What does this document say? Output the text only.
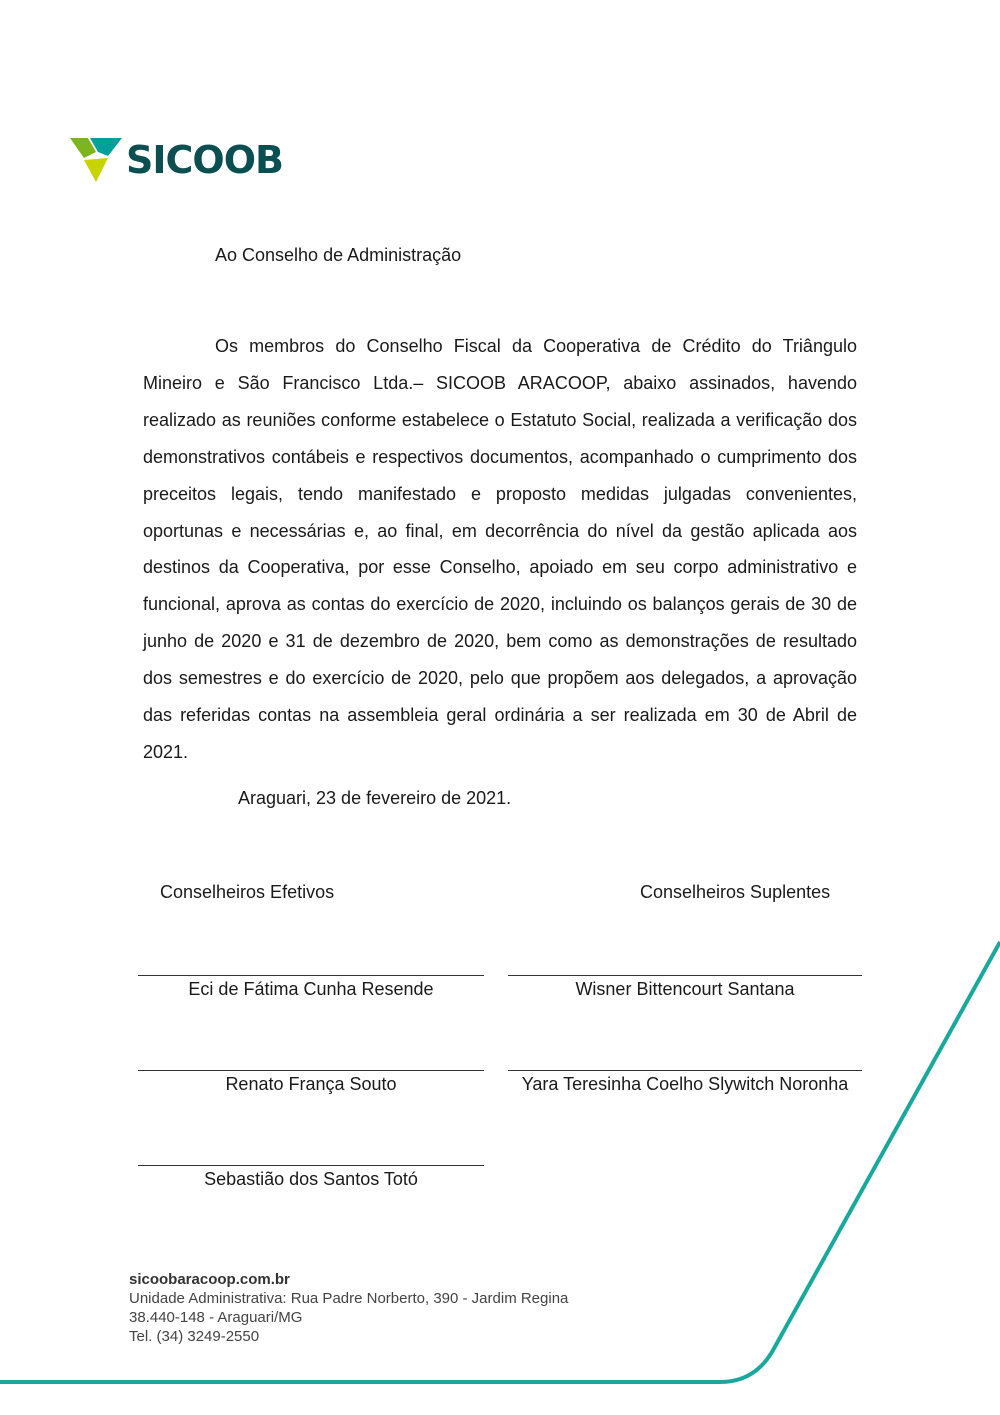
SICOOB
Ao Conselho de Administração

Os membros do Conselho Fiscal da Cooperativa de Crédito do Triângulo Mineiro e São Francisco Ltda.– SICOOB ARACOOP, abaixo assinados, havendo realizado as reuniões conforme estabelece o Estatuto Social, realizada a verificação dos demonstrativos contábeis e respectivos documentos, acompanhado o cumprimento dos preceitos legais, tendo manifestado e proposto medidas julgadas convenientes, oportunas e necessárias e, ao final, em decorrência do nível da gestão aplicada aos destinos da Cooperativa, por esse Conselho, apoiado em seu corpo administrativo e funcional, aprova as contas do exercício de 2020, incluindo os balanços gerais de 30 de junho de 2020 e 31 de dezembro de 2020, bem como as demonstrações de resultado dos semestres e do exercício de 2020, pelo que propõem aos delegados, a aprovação das referidas contas na assembleia geral ordinária a ser realizada em 30 de Abril de 2021.

Araguari, 23 de fevereiro de 2021.
Conselheiros Efetivos	Conselheiros Suplentes
Eci de Fátima Cunha Resende
Renato França Souto
Sebastião dos Santos Totó
Wisner Bittencourt Santana
Yara Teresinha Coelho Slywitch Noronha
sicoobaracoop.com.br
Unidade Administrativa: Rua Padre Norberto, 390 - Jardim Regina
38.440-148 - Araguari/MG
Tel. (34) 3249-2550
